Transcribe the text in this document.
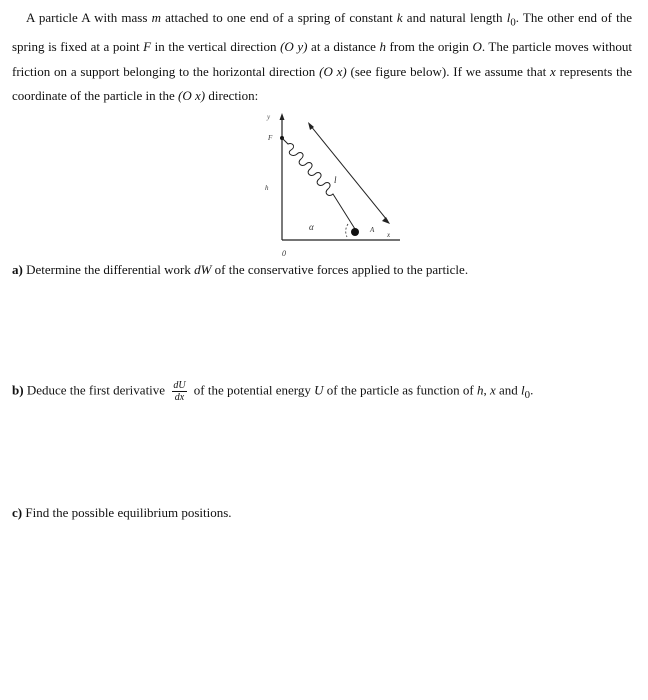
A particle A with mass m attached to one end of a spring of constant k and natural length $l_0$. The other end of the spring is fixed at a point F in the vertical direction (O y) at a distance h from the origin O. The particle moves without friction on a support belonging to the horizontal direction (O x) (see figure below). If we assume that x represents the coordinate of the particle in the (O x) direction:

y
F
h
l
α	A
x
0
a) Determine the differential work dW of the conservative forces applied to the particle.
b) Deduce the first derivative $\frac{dU}{dx}$ of the potential energy U of the particle as function of h, x and $l_0$.
c) Find the possible equilibrium positions.
